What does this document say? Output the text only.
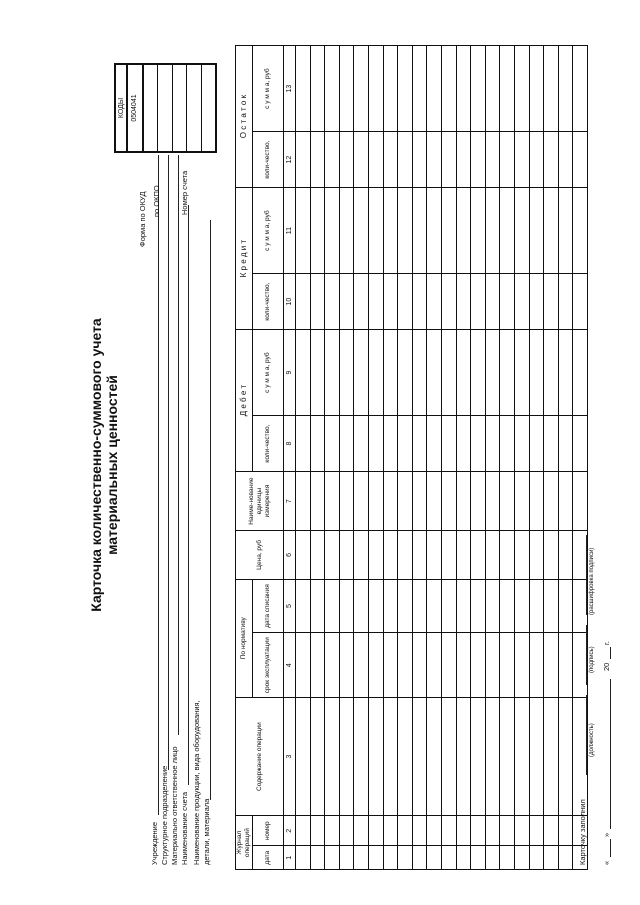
Карточка количественно-суммового учета материальных ценностей
Учреждение Структурное подразделение Материально ответственное лицо Наименование счета Наименование продукции, вида оборудования, детали, материала
Форма по ОКУД по ОКПО	Номер счета
КОДЫ
0504041

Журнал операций		Содержание операции	По нормативу		Цена, руб	Наиме-нование единицы измерения	Д е б е т		К р е д и т		О с т а т о к	
дата	номер		срок эксплуатации	дата списания			коли-чество,	с у м м а, руб	коли-чество,	с у м м а, руб	коли-чество,	с у м м а, руб

1	2	3	4	5	6	7	8	9	10	11	12	13

Карточку заполнил
(должность)
(подпись)
(расшифровка подписи)
«
»
20
г.
